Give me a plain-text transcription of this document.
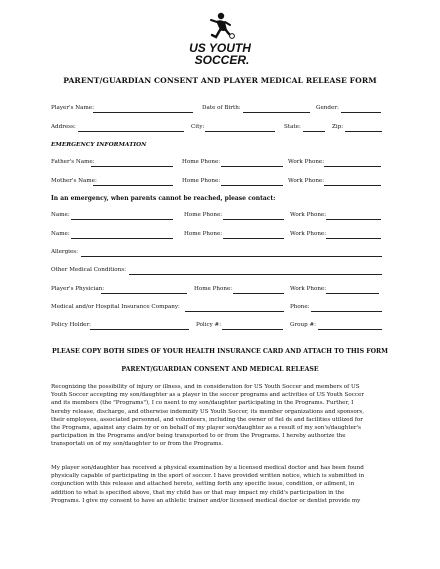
US YOUTH
SOCCER.
PARENT/GUARDIAN CONSENT AND PLAYER MEDICAL RELEASE FORM
Player's Name:	Date of Birth:	Gender:
Address:	City:	State:	Zip:
EMERGENCY INFORMATION
Father's Name:	Home Phone:	Work Phone:
Mother's Name:	Home Phone:	Work Phone:
In an emergency, when parents cannot be reached, please contact:
Name:	Home Phone:	Work Phone:
Name:	Home Phone:	Work Phone:
Allergies:
Other Medical Conditions:
Player's Physician:	Home Phone:	Work Phone:
Medical and/or Hospital Insurance Company:	Phone:
Policy Holder:	Policy #:	Group #:
PLEASE COPY BOTH SIDES OF YOUR HEALTH INSURANCE CARD AND ATTACH TO THIS FORM
PARENT/GUARDIAN CONSENT AND MEDICAL RELEASE
Recognizing the possibility of injury or illness, and in consideration for US Youth Soccer and members of US
Youth Soccer accepting my son/daughter as a player in the soccer programs and activities of US Youth Soccer
and its members (the "Programs"), I co nsent to my son/daughter participating in the Programs. Further, I
hereby release, discharge, and otherwise indemnify US Youth Soccer, its member organizations and sponsors,
their employees, associated personnel, and volunteers, including the owner of fiel ds and facilities utilized for
the Programs, against any claim by or on behalf of my player son/daughter as a result of my son's/daughter's
participation in the Programs and/or being transported to or from the Programs. I hereby authorize the
transportati on of my son/daughter to or from the Programs.
My player son/daughter has received a physical examination by a licensed medical doctor and has been found
physically capable of participating in the sport of soccer. I have provided written notice, which is submitted in
conjunction with this release and attached hereto, setting forth any specific issue, condition, or ailment, in
addition to what is specified above, that my child has or that may impact my child's participation in the
Programs. I give my consent to have an athletic trainer and/or licensed medical doctor or dentist provide my
